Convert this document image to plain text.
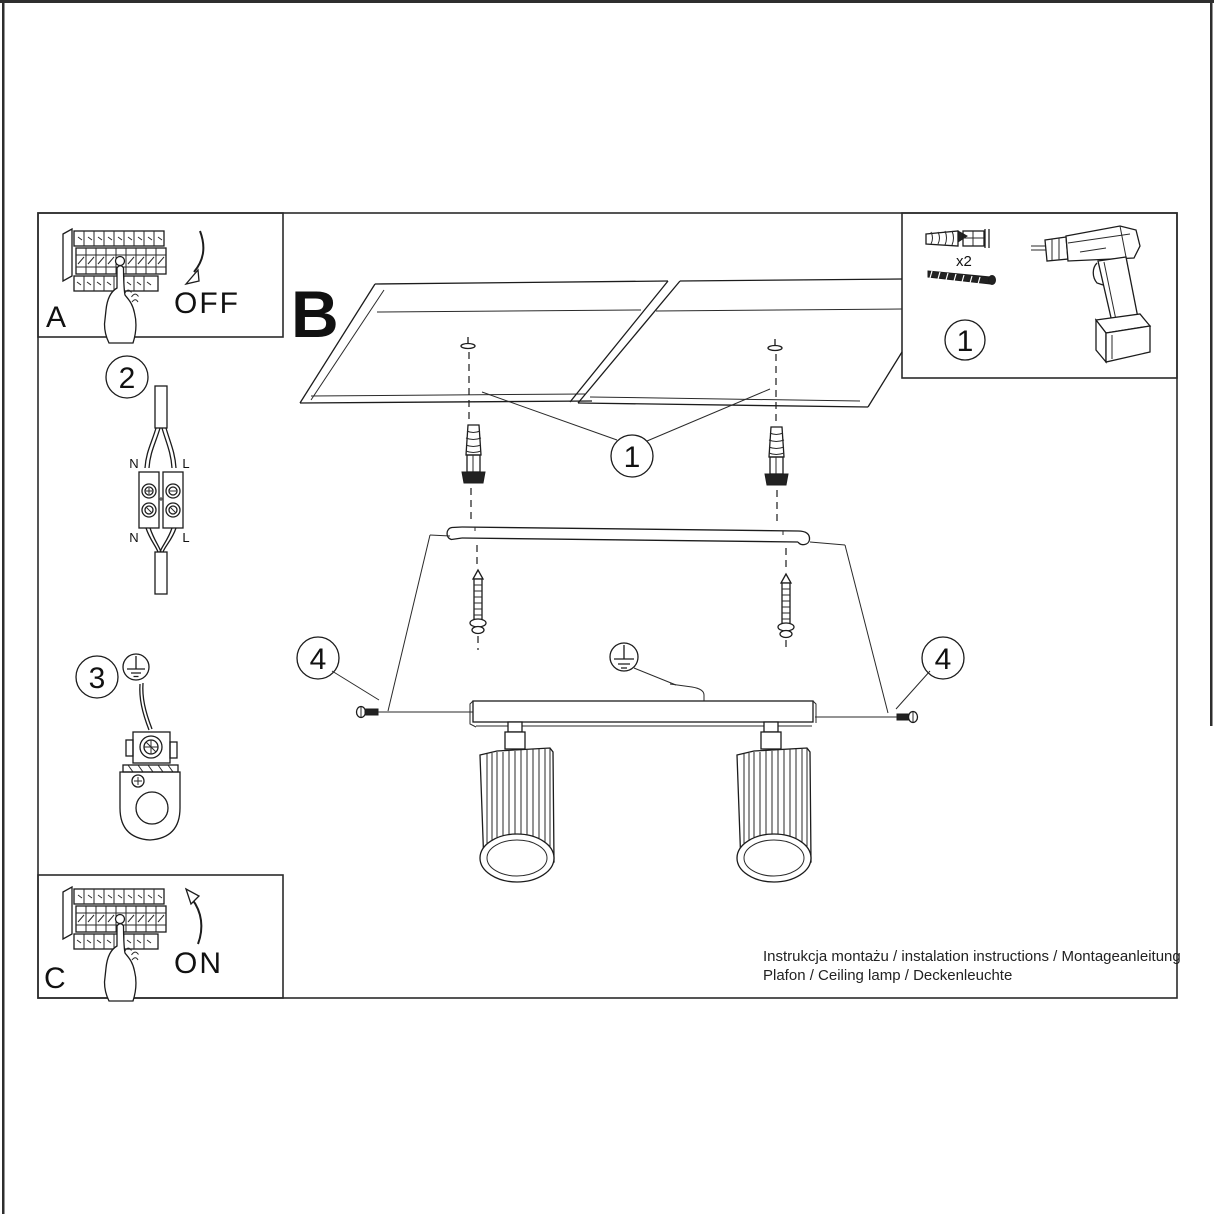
A	OFF
C	ON
2
N	L
N	L
3
B
1
4	4
x2
1
Instrukcja montażu / instalation instructions / Montageanleitung
Plafon / Ceiling lamp / Deckenleuchte
